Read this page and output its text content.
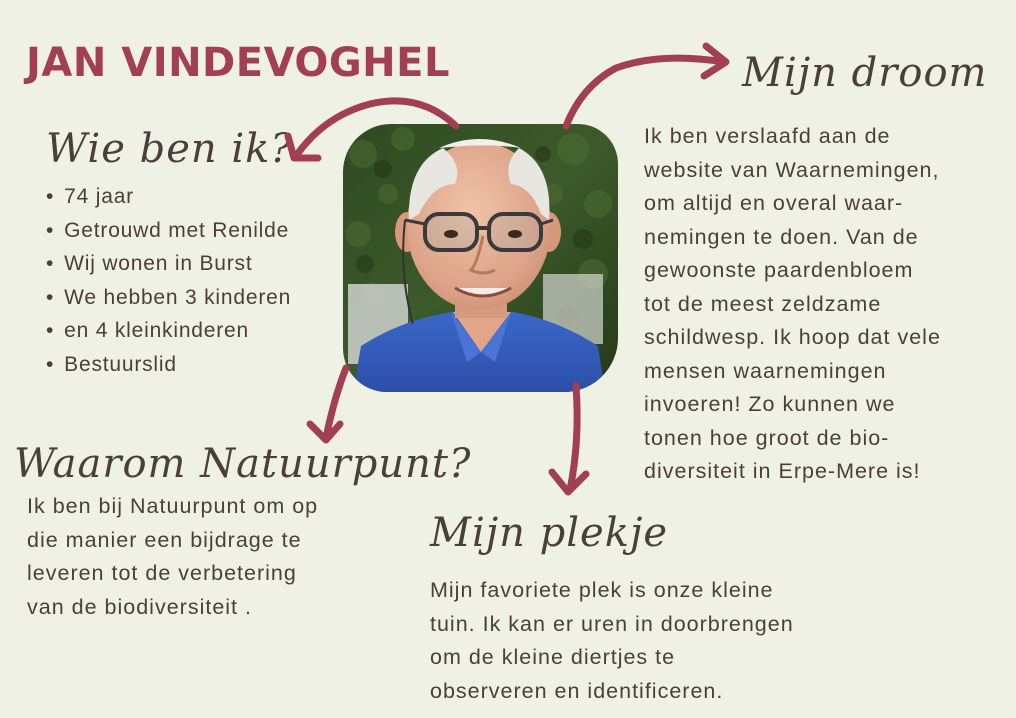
JAN VINDEVOGHEL
Wie ben ik?
• 74 jaar
• Getrouwd met Renilde
• Wij wonen in Burst
• We hebben 3 kinderen
• en 4 kleinkinderen
• Bestuurslid
Mijn droom
Ik ben verslaafd aan de
website van Waarnemingen,
om altijd en overal waar-
nemingen te doen. Van de
gewoonste paardenbloem
tot de meest zeldzame
schildwesp. Ik hoop dat vele
mensen waarnemingen
invoeren! Zo kunnen we
tonen hoe groot de bio-
diversiteit in Erpe-Mere is!
Waarom Natuurpunt?
Ik ben bij Natuurpunt om op
die manier een bijdrage te
leveren tot de verbetering
van de biodiversiteit .
Mijn plekje
Mijn favoriete plek is onze kleine
tuin. Ik kan er uren in doorbrengen
om de kleine diertjes te
observeren en identificeren.
